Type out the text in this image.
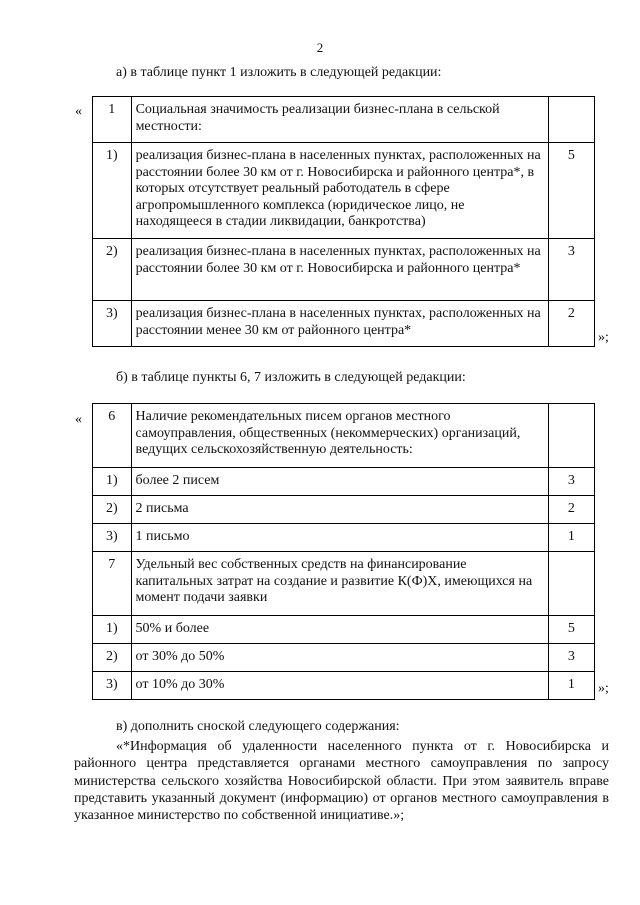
2
а) в таблице пункт 1 изложить в следующей редакции:
« 1	Социальная значимость реализации бизнес-плана в сельской местности:	
1)	реализация бизнес-плана в населенных пунктах, расположенных на расстоянии более 30 км от г. Новосибирска и районного центра*, в которых отсутствует реальный работодатель в сфере агропромышленного комплекса (юридическое лицо, не находящееся в стадии ликвидации, банкротства)	5
2)	реализация бизнес-плана в населенных пунктах, расположенных на расстоянии более 30 км от г. Новосибирска и районного центра*	3
3)	реализация бизнес-плана в населенных пунктах, расположенных на расстоянии менее 30 км от районного центра*	2
»;
б) в таблице пункты 6, 7 изложить в следующей редакции:
« 6	Наличие рекомендательных писем органов местного самоуправления, общественных (некоммерческих) организаций, ведущих сельскохозяйственную деятельность:	
1)	более 2 писем	3
2)	2 письма	2
3)	1 письмо	1
7	Удельный вес собственных средств на финансирование капитальных затрат на создание и развитие К(Ф)Х, имеющихся на момент подачи заявки	
1)	50% и более	5
2)	от 30% до 50%	3
3)	от 10% до 30%	1 »;
в) дополнить сноской следующего содержания:
«*Информация об удаленности населенного пункта от г. Новосибирска и районного центра представляется органами местного самоуправления по запросу министерства сельского хозяйства Новосибирской области. При этом заявитель вправе представить указанный документ (информацию) от органов местного самоуправления в указанное министерство по собственной инициативе.»;
